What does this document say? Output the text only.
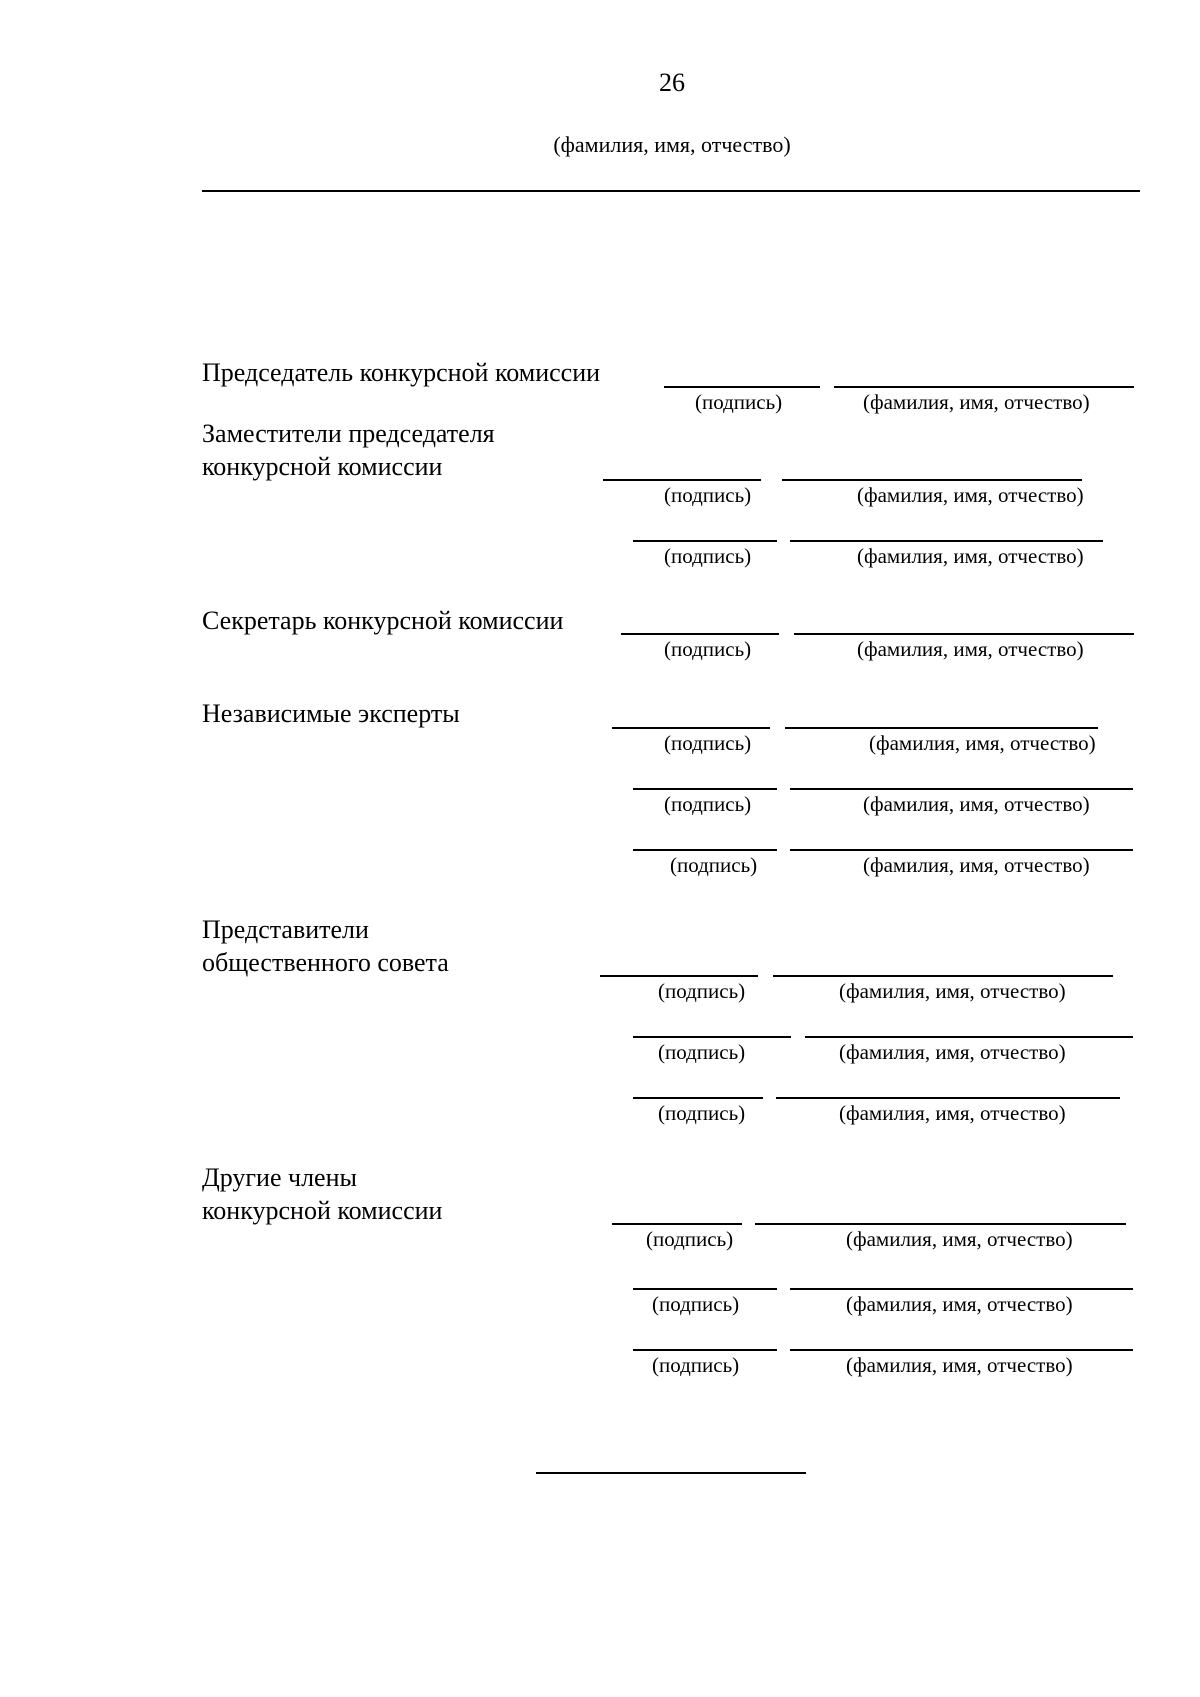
26
(фамилия, имя, отчество)
Председатель конкурсной комиссии
(подпись)	(фамилия, имя, отчество)
Заместители председателя
конкурсной комиссии
(подпись)	(фамилия, имя, отчество)
(подпись)	(фамилия, имя, отчество)
Секретарь конкурсной комиссии
(подпись)	(фамилия, имя, отчество)
Независимые эксперты
(подпись)	(фамилия, имя, отчество)
(подпись)	(фамилия, имя, отчество)
(подпись)	(фамилия, имя, отчество)
Представители
общественного совета
(подпись)	(фамилия, имя, отчество)
(подпись)	(фамилия, имя, отчество)
(подпись)	(фамилия, имя, отчество)
Другие члены
конкурсной комиссии
(подпись)	(фамилия, имя, отчество)
(подпись)	(фамилия, имя, отчество)
(подпись)	(фамилия, имя, отчество)
